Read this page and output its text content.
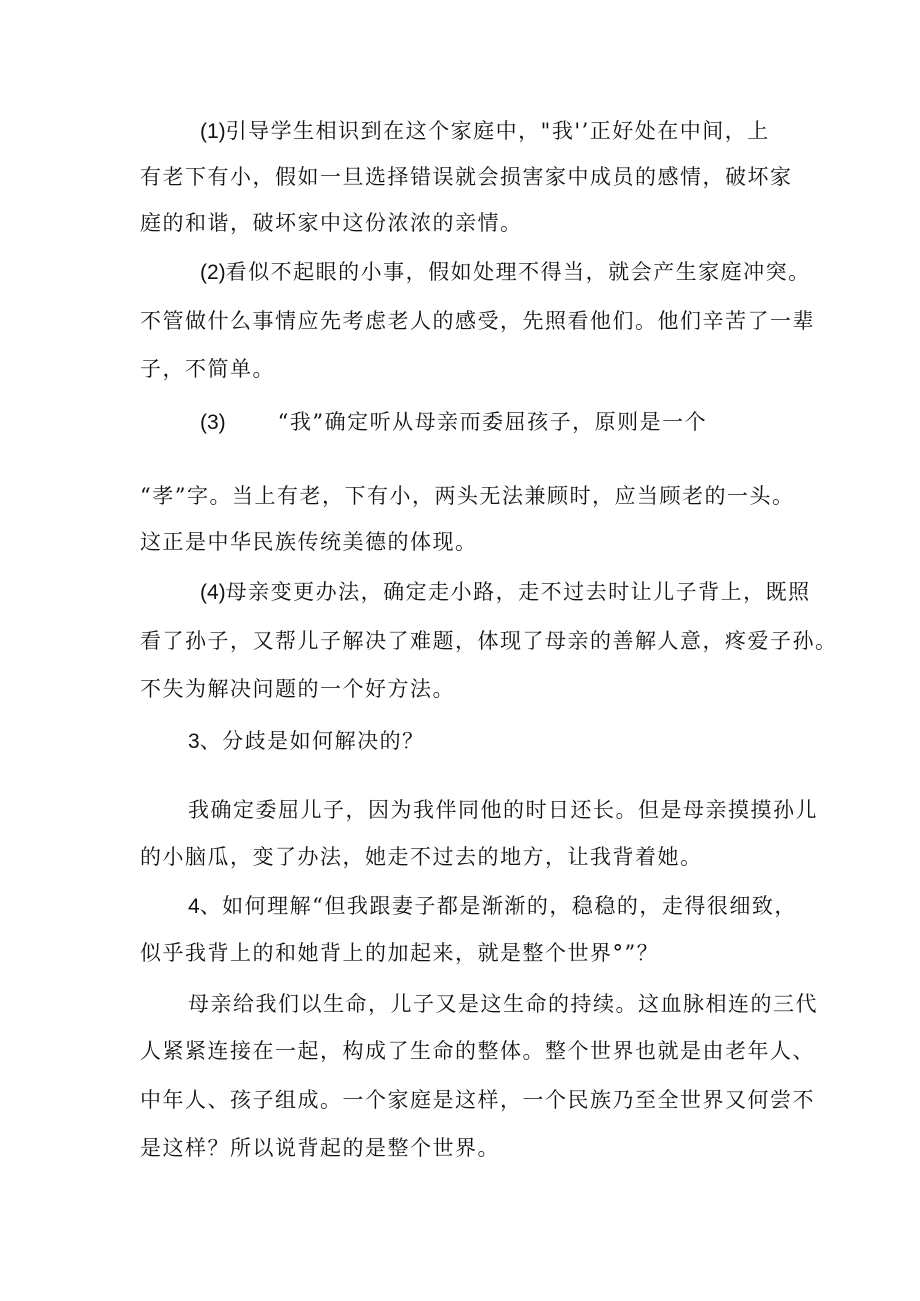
(1)引导学生相识到在这个家庭中，"我'’正好处在中间，上
有老下有小，假如一旦选择错误就会损害家中成员的感情，破坏家
庭的和谐，破坏家中这份浓浓的亲情。
(2)看似不起眼的小事，假如处理不得当，就会产生家庭冲突。
不管做什么事情应先考虑老人的感受，先照看他们。他们辛苦了一辈
子，不简单。
(3) “我”确定听从母亲而委屈孩子，原则是一个
“孝”字。当上有老，下有小，两头无法兼顾时，应当顾老的一头。
这正是中华民族传统美德的体现。
(4)母亲变更办法，确定走小路，走不过去时让儿子背上，既照
看了孙子，又帮儿子解决了难题，体现了母亲的善解人意，疼爱子孙。
不失为解决问题的一个好方法。
3、分歧是如何解决的？
我确定委屈儿子，因为我伴同他的时日还长。但是母亲摸摸孙儿
的小脑瓜，变了办法，她走不过去的地方，让我背着她。
4、如何理解“但我跟妻子都是渐渐的，稳稳的，走得很细致，
似乎我背上的和她背上的加起来，就是整个世界°”？
母亲给我们以生命，儿子又是这生命的持续。这血脉相连的三代
人紧紧连接在一起，构成了生命的整体。整个世界也就是由老年人、
中年人、孩子组成。一个家庭是这样，一个民族乃至全世界又何尝不
是这样？所以说背起的是整个世界。
